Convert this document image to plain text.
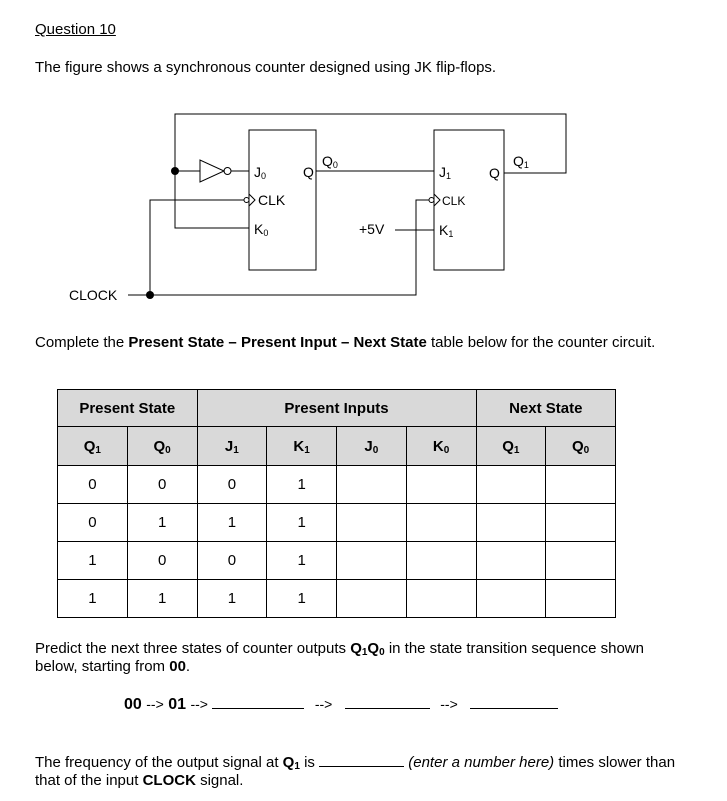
Question 10
The figure shows a synchronous counter designed using JK flip-flops.
J0
CLK
K0
Q
Q0	J1
CLK
K1
Q
Q1
+5V
CLOCK
Complete the Present State – Present Input – Next State table below for the counter circuit.
Present State		Present Inputs				Next State	
$Q_1$	$Q_0$	$J_1$	$K_1$	$J_0$	$K_0$	$Q_1$	$Q_0$
0	0	0	1				
0	1	1	1				
1	0	0	1				
1	1	1	1				
Predict the next three states of counter outputs $Q_1Q_0$ in the state transition sequence shown below, starting from 00.
00 --> 01 -->	-->	-->
The frequency of the output signal at $Q_1$ is	(enter a number here) times slower than that of the input CLOCK signal.
